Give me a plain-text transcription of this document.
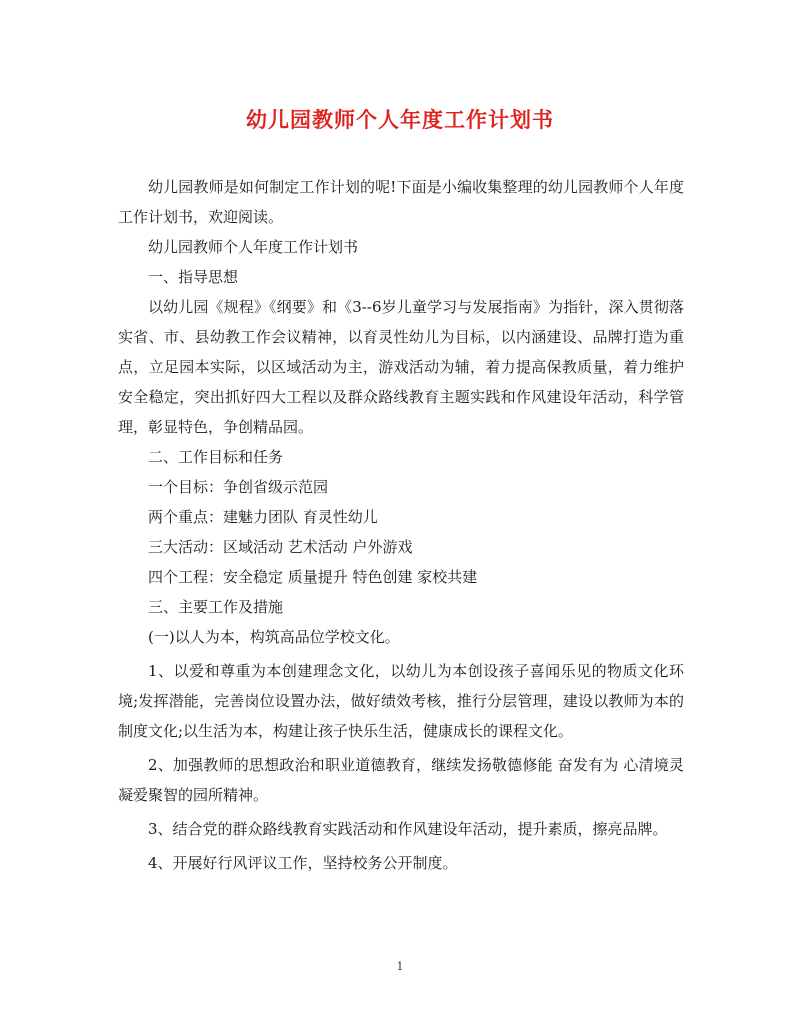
幼儿园教师个人年度工作计划书

幼儿园教师是如何制定工作计划的呢!下面是小编收集整理的幼儿园教师个人年度工作计划书，欢迎阅读。

幼儿园教师个人年度工作计划书

一、指导思想

以幼儿园《规程》《纲要》和《3--6岁儿童学习与发展指南》为指针，深入贯彻落实省、市、县幼教工作会议精神，以育灵性幼儿为目标，以内涵建设、品牌打造为重点，立足园本实际，以区域活动为主，游戏活动为辅，着力提高保教质量，着力维护安全稳定，突出抓好四大工程以及群众路线教育主题实践和作风建设年活动，科学管理，彰显特色，争创精品园。

二、工作目标和任务

一个目标：争创省级示范园

两个重点：建魅力团队 育灵性幼儿

三大活动：区域活动 艺术活动 户外游戏

四个工程：安全稳定 质量提升 特色创建 家校共建

三、主要工作及措施

(一)以人为本，构筑高品位学校文化。

1、以爱和尊重为本创建理念文化，以幼儿为本创设孩子喜闻乐见的物质文化环境;发挥潜能，完善岗位设置办法，做好绩效考核，推行分层管理，建设以教师为本的制度文化;以生活为本，构建让孩子快乐生活，健康成长的课程文化。

2、加强教师的思想政治和职业道德教育，继续发扬敬德修能 奋发有为 心清境灵 凝爱聚智的园所精神。

3、结合党的群众路线教育实践活动和作风建设年活动，提升素质，擦亮品牌。

4、开展好行风评议工作，坚持校务公开制度。

1
